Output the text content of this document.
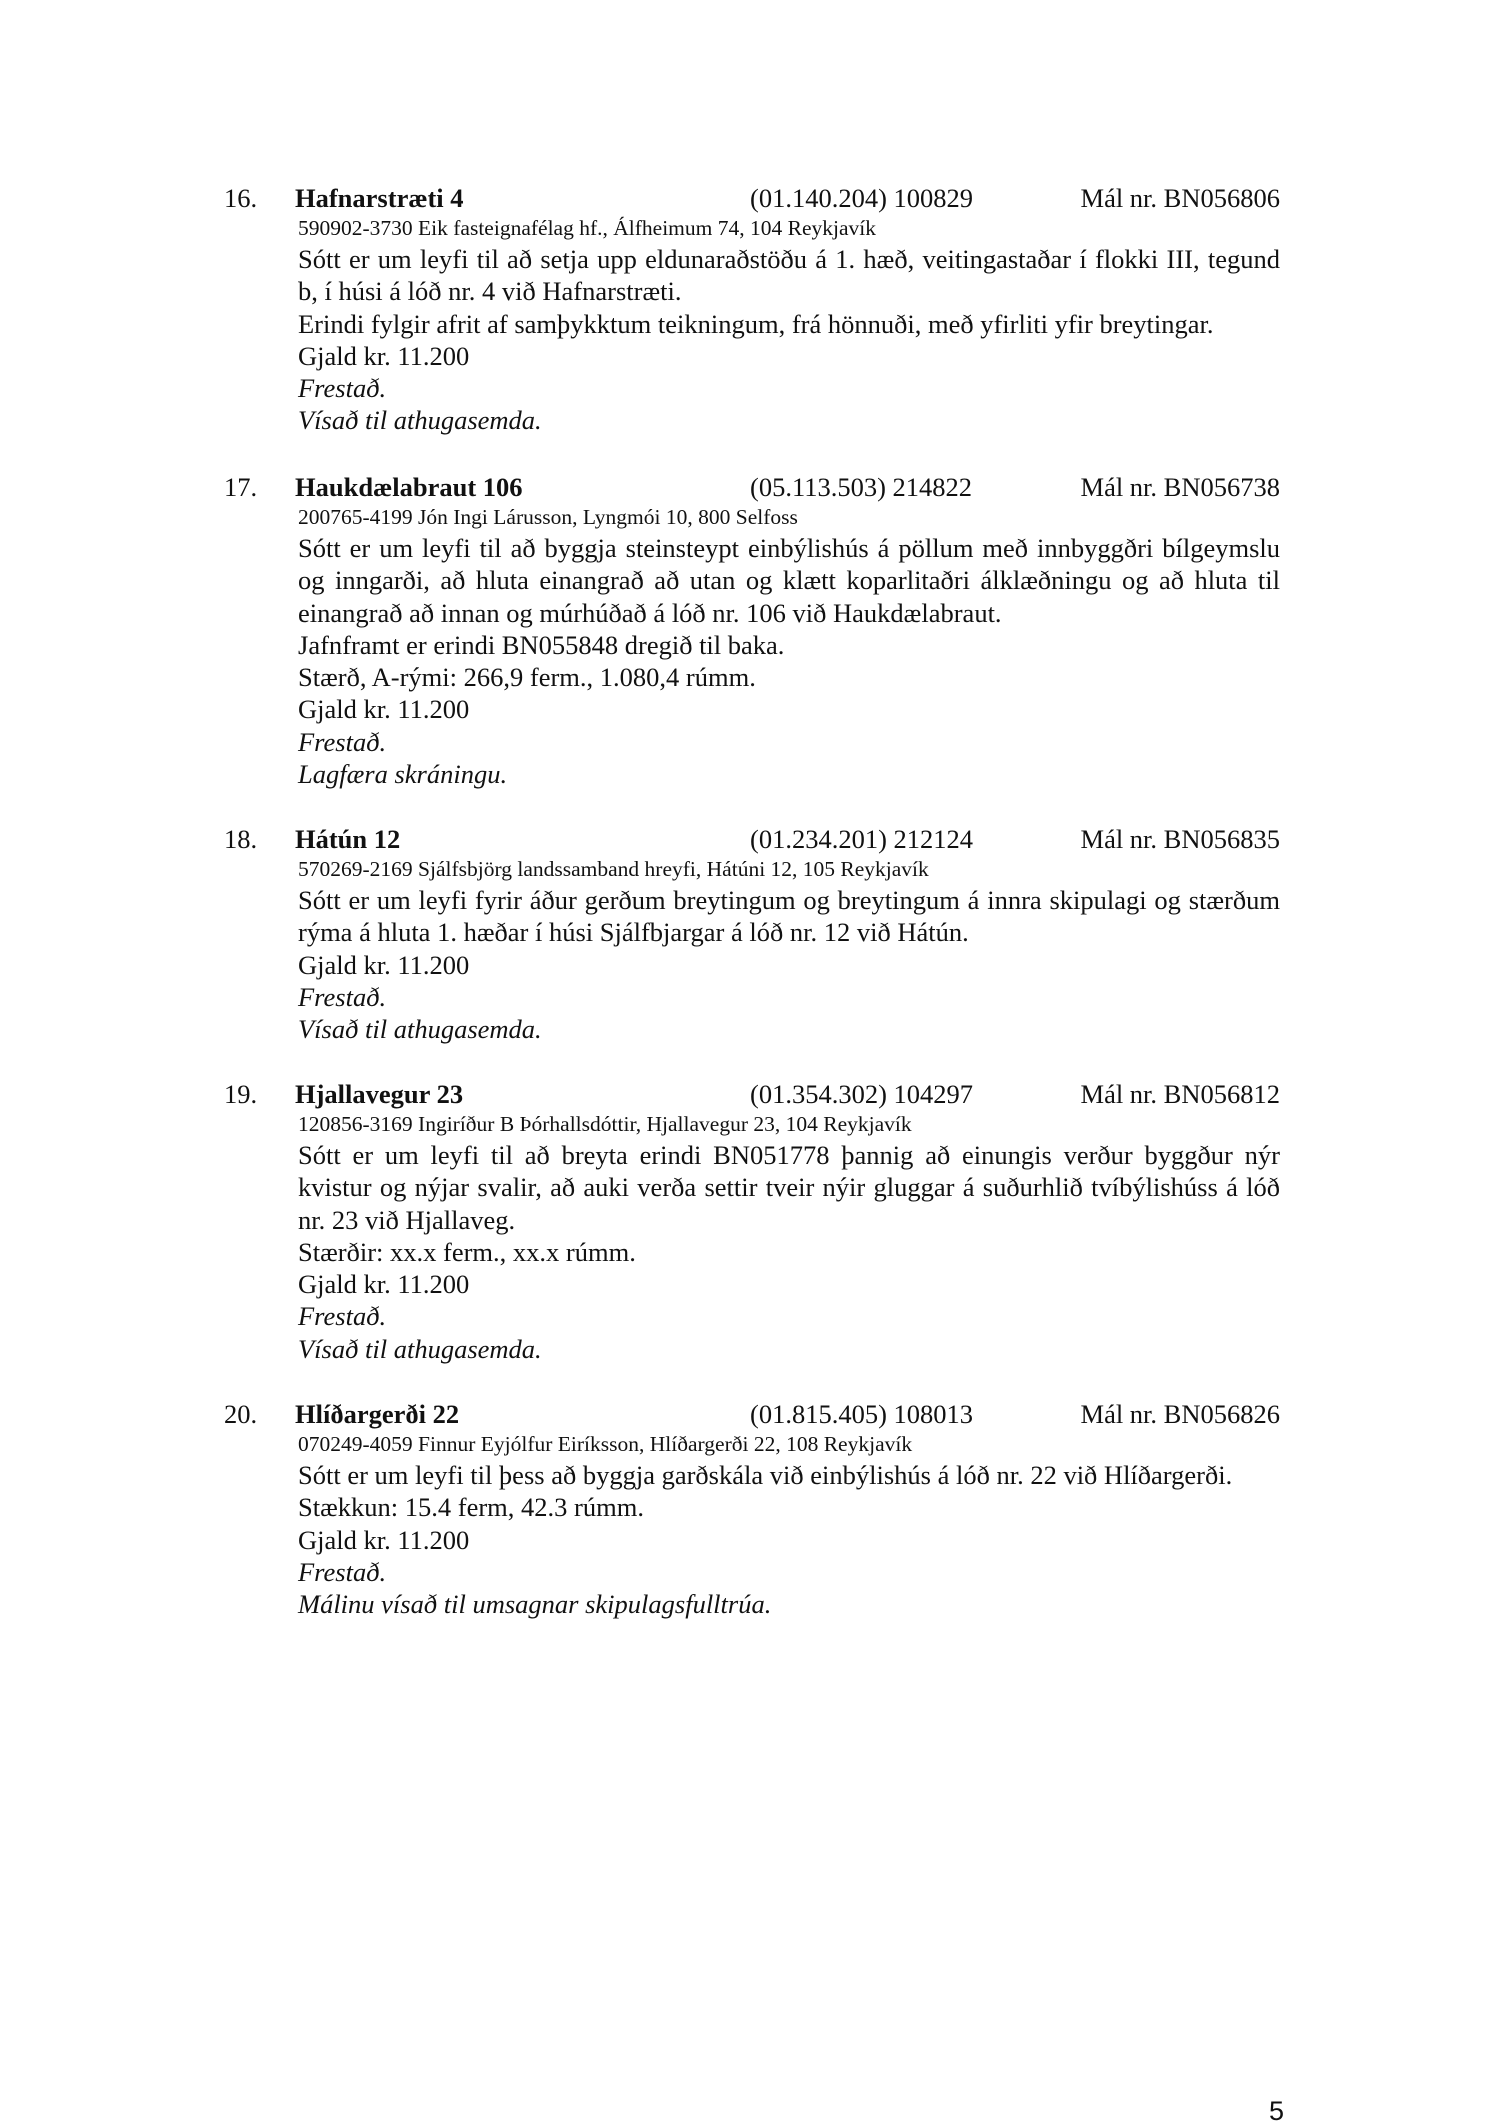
16. Hafnarstræti 4	(01.140.204) 100829	Mál nr. BN056806
590902-3730 Eik fasteignafélag hf., Álfheimum 74, 104 Reykjavík
Sótt er um leyfi til að setja upp eldunaraðstöðu á 1. hæð, veitingastaðar í flokki III, tegund b, í húsi á lóð nr. 4 við Hafnarstræti.
Erindi fylgir afrit af samþykktum teikningum, frá hönnuði, með yfirliti yfir breytingar.
Gjald kr. 11.200
Frestað.
Vísað til athugasemda.
17. Haukdælabraut 106	(05.113.503) 214822	Mál nr. BN056738
200765-4199 Jón Ingi Lárusson, Lyngmói 10, 800 Selfoss
Sótt er um leyfi til að byggja steinsteypt einbýlishús á pöllum með innbyggðri bílgeymslu og inngarði, að hluta einangrað að utan og klætt koparlitaðri álklæðningu og að hluta til einangrað að innan og múrhúðað á lóð nr. 106 við Haukdælabraut.
Jafnframt er erindi BN055848 dregið til baka.
Stærð, A-rými: 266,9 ferm., 1.080,4 rúmm.
Gjald kr. 11.200
Frestað.
Lagfæra skráningu.
18. Hátún 12	(01.234.201) 212124	Mál nr. BN056835
570269-2169 Sjálfsbjörg landssamband hreyfi, Hátúni 12, 105 Reykjavík
Sótt er um leyfi fyrir áður gerðum breytingum og breytingum á innra skipulagi og stærðum rýma á hluta 1. hæðar í húsi Sjálfbjargar á lóð nr. 12 við Hátún.
Gjald kr. 11.200
Frestað.
Vísað til athugasemda.
19. Hjallavegur 23	(01.354.302) 104297	Mál nr. BN056812
120856-3169 Ingiríður B Þórhallsdóttir, Hjallavegur 23, 104 Reykjavík
Sótt er um leyfi til að breyta erindi BN051778 þannig að einungis verður byggður nýr kvistur og nýjar svalir, að auki verða settir tveir nýir gluggar á suðurhlið tvíbýlishúss á lóð nr. 23 við Hjallaveg.
Stærðir: xx.x ferm., xx.x rúmm.
Gjald kr. 11.200
Frestað.
Vísað til athugasemda.
20. Hlíðargerði 22	(01.815.405) 108013	Mál nr. BN056826
070249-4059 Finnur Eyjólfur Eiríksson, Hlíðargerði 22, 108 Reykjavík
Sótt er um leyfi til þess að byggja garðskála við einbýlishús á lóð nr. 22 við Hlíðargerði.
Stækkun: 15.4 ferm, 42.3 rúmm.
Gjald kr. 11.200
Frestað.
Málinu vísað til umsagnar skipulagsfulltrúa.
5
